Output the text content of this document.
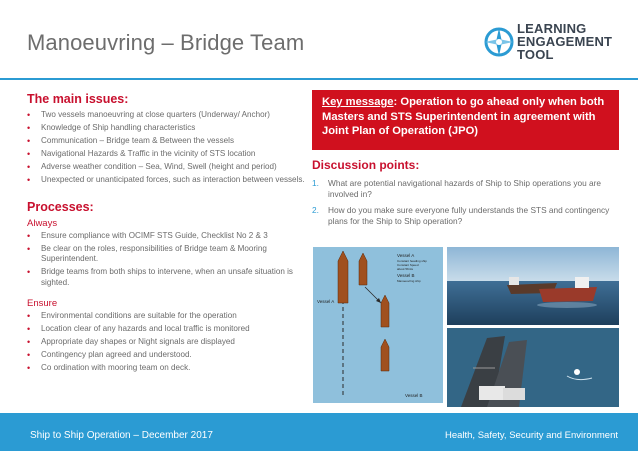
Manoeuvring – Bridge Team
LEARNING
ENGAGEMENT
TOOL
The main issues:
• Two vessels manoeuvring at close quarters (Underway/ Anchor)
• Knowledge of Ship handling characteristics
• Communication – Bridge team & Between the vessels
• Navigational Hazards & Traffic in the vicinity of STS location
• Adverse weather condition – Sea, Wind, Swell (height and period)
• Unexpected or unanticipated forces, such as interaction between vessels.
Processes:
Always
• Ensure compliance with OCIMF STS Guide, Checklist No 2 & 3
• Be clear on the roles, responsibilities of Bridge team & Mooring Superintendent.
• Bridge teams from both ships to intervene, when an unsafe situation is sighted.
Ensure
• Environmental conditions are suitable for the operation
• Location clear of any hazards and local traffic is monitored
• Appropriate day shapes or Night signals are displayed
• Contingency plan agreed and understood.
• Co ordination with mooring team on deck.
Key message: Operation to go ahead only when both Masters and STS Superintendent in agreement with Joint Plan of Operation (JPO)
Discussion points:
1. What are potential navigational hazards of Ship to Ship operations you are involved in?
2. How do you make sure everyone fully understands the STS and contingency plans for the Ship to Ship operation?
Vessel A
Constant heading ship
Constant Speed
about 5Knts
Vessel B
Manoeuvring ship
Vessel A
Vessel B
Ship to Ship Operation – December 2017	Health, Safety, Security and Environment
